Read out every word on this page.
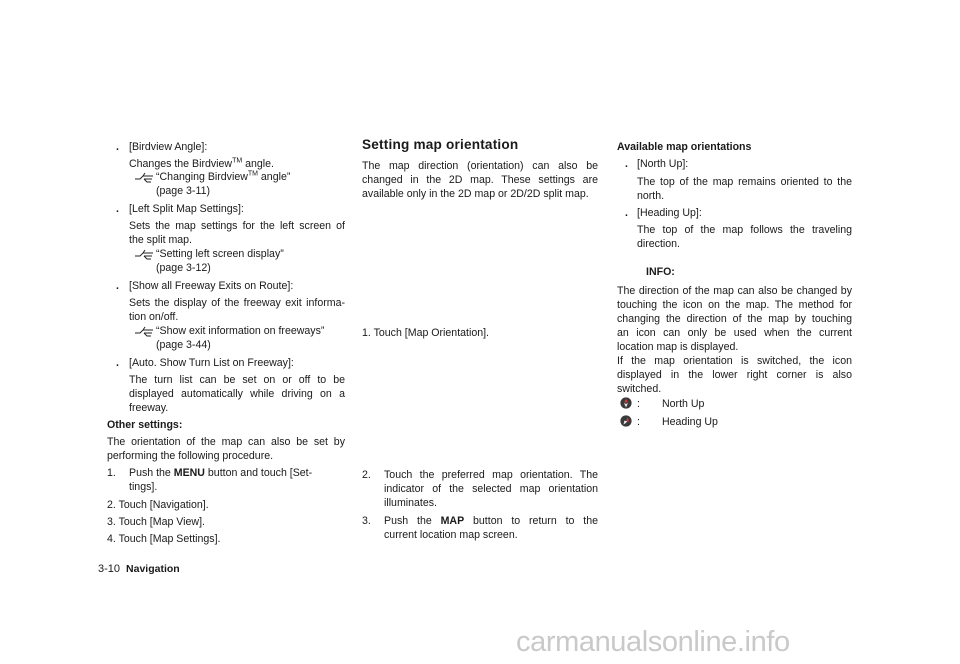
. [Birdview Angle]:
Changes the Birdview™ angle.
“Changing Birdview™ angle”
(page 3-11)
. [Left Split Map Settings]:
Sets the map settings for the left screen of
the split map.
“Setting left screen display”
(page 3-12)
. [Show all Freeway Exits on Route]:
Sets the display of the freeway exit informa-
tion on/off.
“Show exit information on freeways”
(page 3-44)
. [Auto. Show Turn List on Freeway]:
The turn list can be set on or off to be
displayed automatically while driving on a
freeway.
Other settings:
The orientation of the map can also be set by
performing the following procedure.
1. Push the MENU button and touch [Set-
tings].
2. Touch [Navigation].
3. Touch [Map View].
4. Touch [Map Settings].
Setting map orientation
The map direction (orientation) can also be
changed in the 2D map. These settings are
available only in the 2D map or 2D/2D split map.
1. Touch [Map Orientation].
2. Touch the preferred map orientation. The
indicator of the selected map orientation
illuminates.
3. Push the MAP button to return to the
current location map screen.
Available map orientations
. [North Up]:
The top of the map remains oriented to the
north.
. [Heading Up]:
The top of the map follows the traveling
direction.
INFO:
The direction of the map can also be changed by
touching the icon on the map. The method for
changing the direction of the map by touching
an icon can only be used when the current
location map is displayed.
If the map orientation is switched, the icon
displayed in the lower right corner is also
switched.
: North Up
: Heading Up
3-10 Navigation
carmanualsonline.info
